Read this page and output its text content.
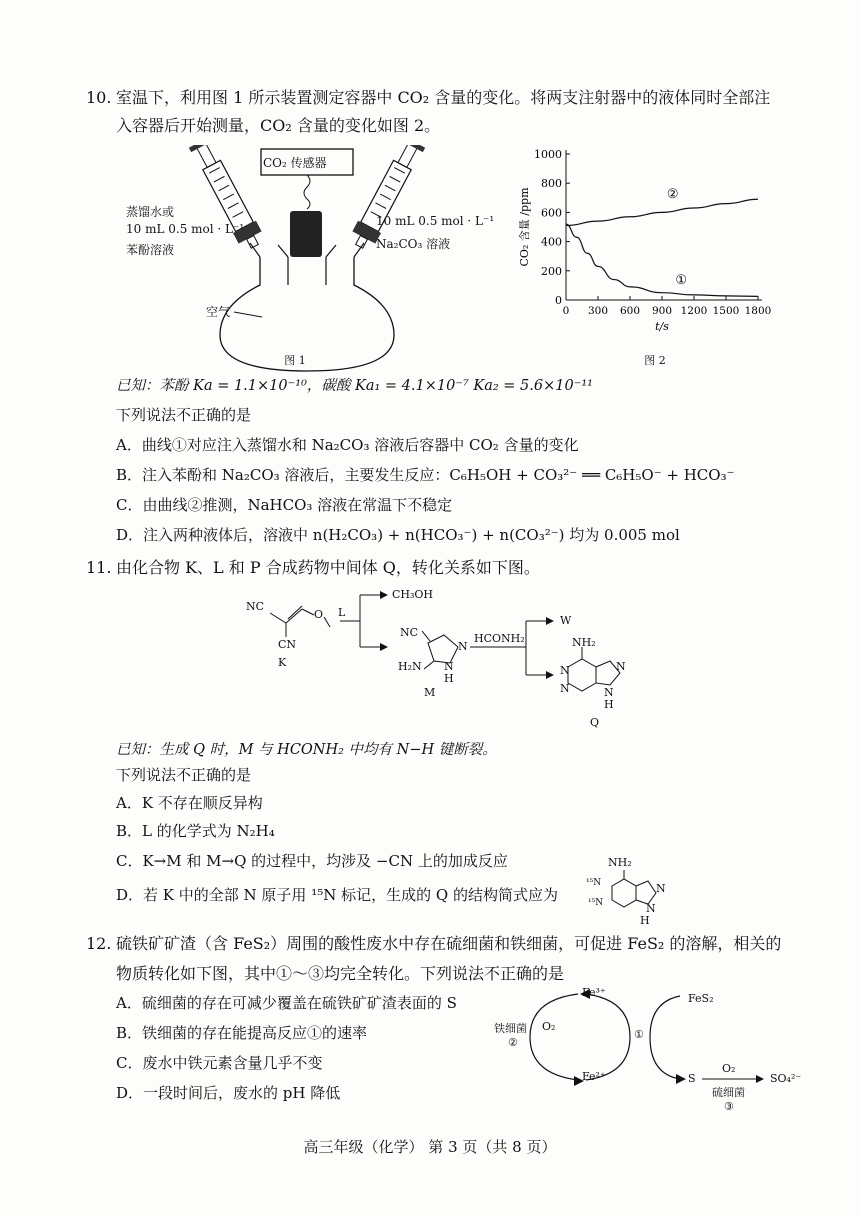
10. 室温下，利用图 1 所示装置测定容器中 CO₂ 含量的变化。将两支注射器中的液体同时全部注
入容器后开始测量，CO₂ 含量的变化如图 2。
CO₂ 传感器
蒸馏水或
10 mL 0.5 mol · L⁻¹
苯酚溶液
10 mL 0.5 mol · L⁻¹
Na₂CO₃ 溶液
空气
图 1
0
200
400
600
800
1000
0 300 600 900 1200 1500 1800
t/s
CO₂ 含量 /ppm
①
②
图 2
已知：苯酚 Ka = 1.1×10⁻¹⁰，碳酸 Ka₁ = 4.1×10⁻⁷ Ka₂ = 5.6×10⁻¹¹
下列说法不正确的是
A．曲线①对应注入蒸馏水和 Na₂CO₃ 溶液后容器中 CO₂ 含量的变化
B．注入苯酚和 Na₂CO₃ 溶液后，主要发生反应：C₆H₅OH + CO₃²⁻ ══ C₆H₅O⁻ + HCO₃⁻
C．由曲线②推测，NaHCO₃ 溶液在常温下不稳定
D．注入两种液体后，溶液中 n(H₂CO₃) + n(HCO₃⁻) + n(CO₃²⁻) 均为 0.005 mol
11. 由化合物 K、L 和 P 合成药物中间体 Q，转化关系如下图。
NC
CN
O
K
L
CH₃OH
NC
H₂N
N
N
H
M
HCONH₂
W
NH₂
N
N
N
N
H
Q
已知：生成 Q 时，M 与 HCONH₂ 中均有 N−H 键断裂。
下列说法不正确的是
A．K 不存在顺反异构
B．L 的化学式为 N₂H₄
C．K→M 和 M→Q 的过程中，均涉及 −CN 上的加成反应
D．若 K 中的全部 N 原子用 ¹⁵N 标记，生成的 Q 的结构简式应为
NH₂
¹⁵N
¹⁵N
N
N
H
12. 硫铁矿矿渣（含 FeS₂）周围的酸性废水中存在硫细菌和铁细菌，可促进 FeS₂ 的溶解，相关的
物质转化如下图，其中①～③均完全转化。下列说法不正确的是
A．硫细菌的存在可减少覆盖在硫铁矿矿渣表面的 S
B．铁细菌的存在能提高反应①的速率
C．废水中铁元素含量几乎不变
D．一段时间后，废水的 pH 降低
Fe³⁺	FeS₂
铁细菌 O₂
②
①
Fe²⁺	S
O₂
SO₄²⁻
硫细菌
③
高三年级（化学） 第 3 页（共 8 页）
